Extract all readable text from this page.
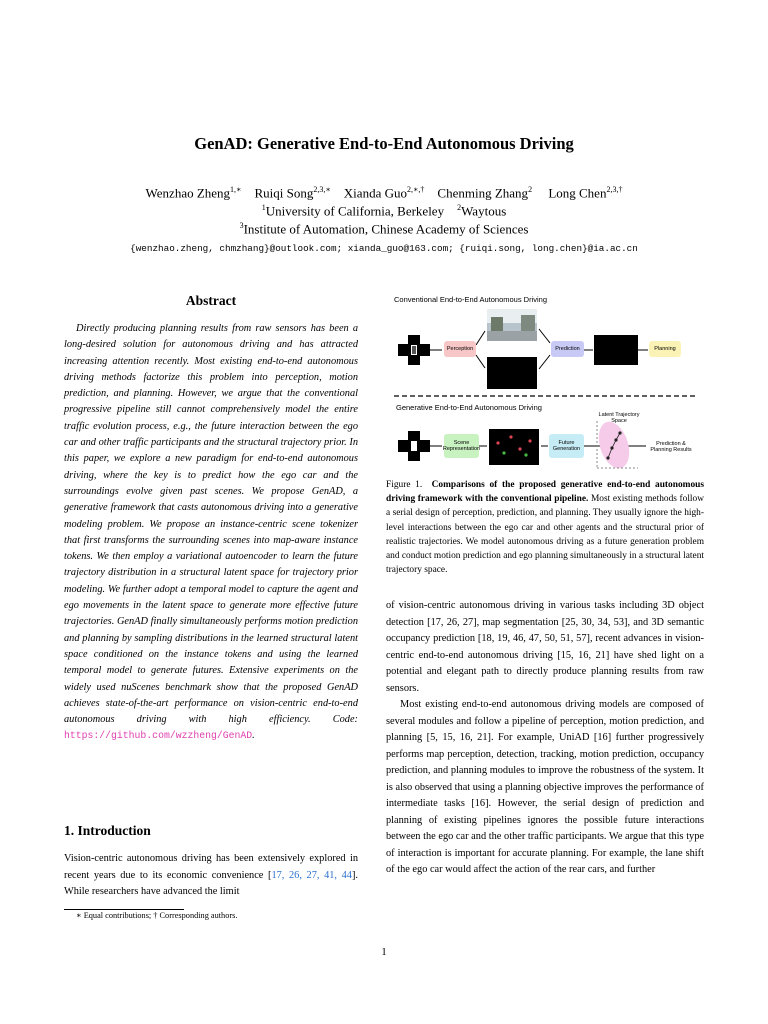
GenAD: Generative End-to-End Autonomous Driving
Wenzhao Zheng$^{1,∗}$ Ruiqi Song$^{2,3,∗}$ Xianda Guo$^{2,∗,\dagger}$ Chenming Zhang$^2$ Long Chen$^{2,3,\dagger}$
$^1$University of California, Berkeley $^2$Waytous
$^3$Institute of Automation, Chinese Academy of Sciences
{wenzhao.zheng, chmzhang}@outlook.com; xianda_guo@163.com; {ruiqi.song, long.chen}@ia.ac.cn
Abstract
Directly producing planning results from raw sensors has been a long-desired solution for autonomous driving and has attracted increasing attention recently. Most existing end-to-end autonomous driving methods factorize this problem into perception, motion prediction, and planning. However, we argue that the conventional progressive pipeline still cannot comprehensively model the entire traffic evolution process, e.g., the future interaction between the ego car and other traffic participants and the structural trajectory prior. In this paper, we explore a new paradigm for end-to-end autonomous driving, where the key is to predict how the ego car and the surroundings evolve given past scenes. We propose GenAD, a generative framework that casts autonomous driving into a generative modeling problem. We propose an instance-centric scene tokenizer that first transforms the surrounding scenes into map-aware instance tokens. We then employ a variational autoencoder to learn the future trajectory distribution in a structural latent space for trajectory prior modeling. We further adopt a temporal model to capture the agent and ego movements in the latent space to generate more effective future trajectories. GenAD finally simultaneously performs motion prediction and planning by sampling distributions in the learned structural latent space conditioned on the instance tokens and using the learned temporal model to generate futures. Extensive experiments on the widely used nuScenes benchmark show that the proposed GenAD achieves state-of-the-art performance on vision-centric end-to-end autonomous driving with high efficiency. Code: https://github.com/wzzheng/GenAD.
1. Introduction
Vision-centric autonomous driving has been extensively explored in recent years due to its economic convenience [17, 26, 27, 41, 44]. While researchers have advanced the limit
∗ Equal contributions; † Corresponding authors.
Conventional End-to-End Autonomous Driving
Generative End-to-End Autonomous Driving
Perception	Prediction	Planning
Scene Representation
Future Generation
Latent Trajectory Space
Prediction & Planning Results
Figure 1. Comparisons of the proposed generative end-to-end autonomous driving framework with the conventional pipeline. Most existing methods follow a serial design of perception, prediction, and planning. They usually ignore the high-level interactions between the ego car and other agents and the structural prior of realistic trajectories. We model autonomous driving as a future generation problem and conduct motion prediction and ego planning simultaneously in a structural latent trajectory space.

of vision-centric autonomous driving in various tasks including 3D object detection [17, 26, 27], map segmentation [25, 30, 34, 53], and 3D semantic occupancy prediction [18, 19, 46, 47, 50, 51, 57], recent advances in vision-centric end-to-end autonomous driving [15, 16, 21] have shed light on a potential and elegant path to directly produce planning results from raw sensors.

Most existing end-to-end autonomous driving models are composed of several modules and follow a pipeline of perception, motion prediction, and planning [5, 15, 16, 21]. For example, UniAD [16] further progressively performs map perception, detection, tracking, motion prediction, occupancy prediction, and planning modules to improve the robustness of the system. It is also observed that using a planning objective improves the performance of intermediate tasks [16]. However, the serial design of prediction and planning of existing pipelines ignores the possible future interactions between the ego car and the other traffic participants. We argue that this type of interaction is important for accurate planning. For example, the lane shift of the ego car would affect the action of the rear cars, and further

1
